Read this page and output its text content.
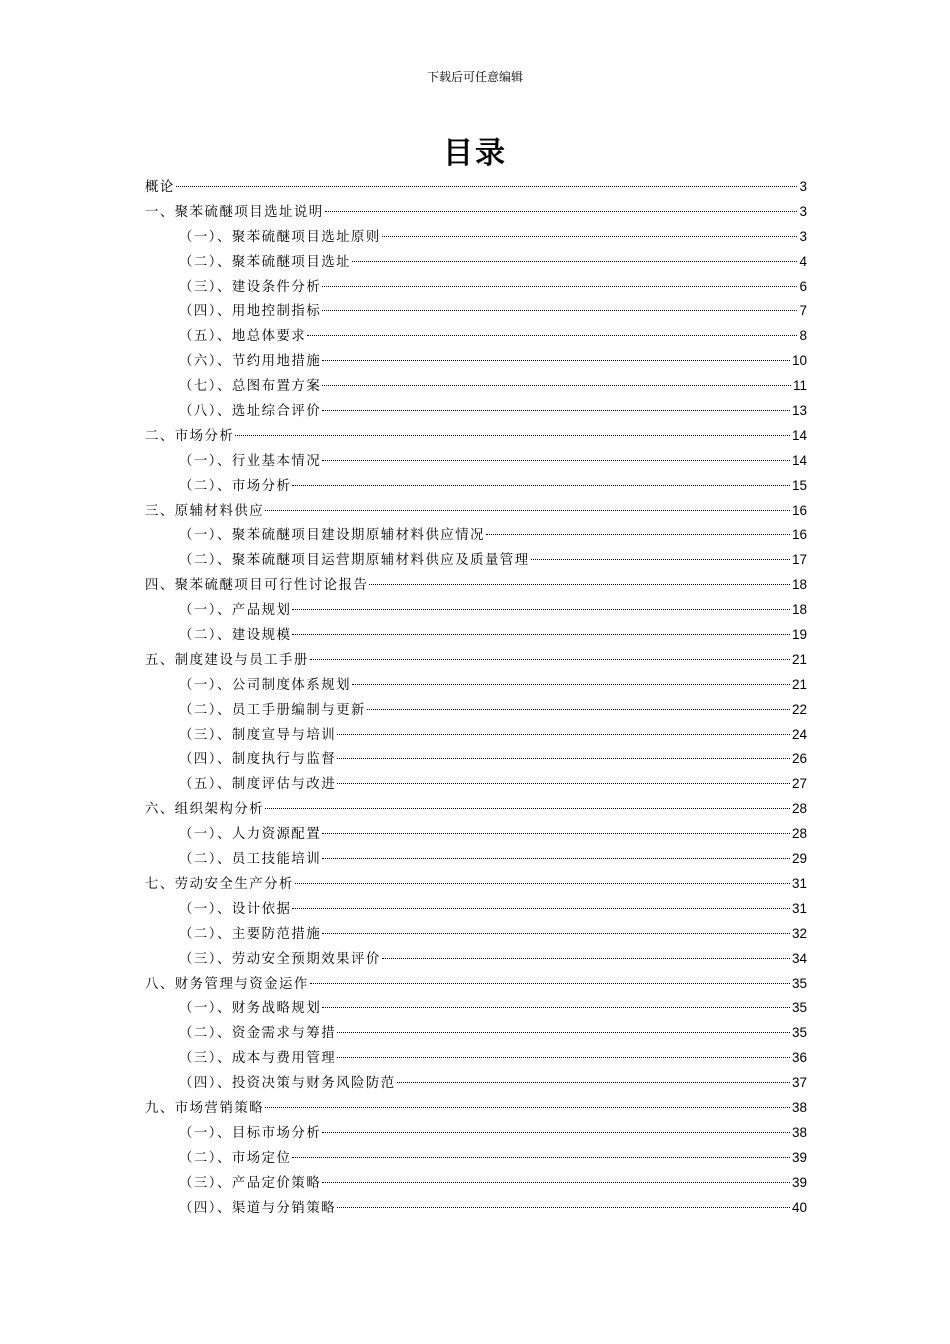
下载后可任意编辑
目录
概论	3
一、聚苯硫醚项目选址说明	3
（一）、聚苯硫醚项目选址原则	3
（二）、聚苯硫醚项目选址	4
（三）、建设条件分析	6
（四）、用地控制指标	7
（五）、地总体要求	8
（六）、节约用地措施	10
（七）、总图布置方案	11
（八）、选址综合评价	13
二、市场分析	14
（一）、行业基本情况	14
（二）、市场分析	15
三、原辅材料供应	16
（一）、聚苯硫醚项目建设期原辅材料供应情况	16
（二）、聚苯硫醚项目运营期原辅材料供应及质量管理	17
四、聚苯硫醚项目可行性讨论报告	18
（一）、产品规划	18
（二）、建设规模	19
五、制度建设与员工手册	21
（一）、公司制度体系规划	21
（二）、员工手册编制与更新	22
（三）、制度宣导与培训	24
（四）、制度执行与监督	26
（五）、制度评估与改进	27
六、组织架构分析	28
（一）、人力资源配置	28
（二）、员工技能培训	29
七、劳动安全生产分析	31
（一）、设计依据	31
（二）、主要防范措施	32
（三）、劳动安全预期效果评价	34
八、财务管理与资金运作	35
（一）、财务战略规划	35
（二）、资金需求与筹措	35
（三）、成本与费用管理	36
（四）、投资决策与财务风险防范	37
九、市场营销策略	38
（一）、目标市场分析	38
（二）、市场定位	39
（三）、产品定价策略	39
（四）、渠道与分销策略	40
